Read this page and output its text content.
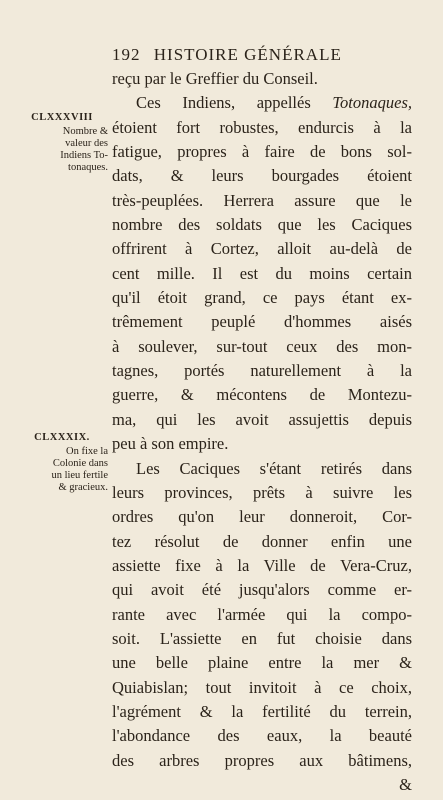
192 HISTOIRE GÉNÉRALE
CLXXXVIII
Nombre &
valeur des
Indiens To-
tonaques.
CLXXXIX.
On fixe la
Colonie dans
un lieu fertile
& gracieux.
reçu par le Greffier du Conseil.
Ces Indiens, appellés Totonaques,
étoient fort robustes, endurcis à la
fatigue, propres à faire de bons sol-
dats, & leurs bourgades étoient
très-peuplées. Herrera assure que le
nombre des soldats que les Caciques
offrirent à Cortez, alloit au-delà de
cent mille. Il est du moins certain
qu'il étoit grand, ce pays étant ex-
trêmement peuplé d'hommes aisés
à soulever, sur-tout ceux des mon-
tagnes, portés naturellement à la
guerre, & mécontens de Montezu-
ma, qui les avoit assujettis depuis
peu à son empire.
Les Caciques s'étant retirés dans
leurs provinces, prêts à suivre les
ordres qu'on leur donneroit, Cor-
tez résolut de donner enfin une
assiette fixe à la Ville de Vera-Cruz,
qui avoit été jusqu'alors comme er-
rante avec l'armée qui la compo-
soit. L'assiette en fut choisie dans
une belle plaine entre la mer &
Quiabislan; tout invitoit à ce choix,
l'agrément & la fertilité du terrein,
l'abondance des eaux, la beauté
des arbres propres aux bâtimens,
&
